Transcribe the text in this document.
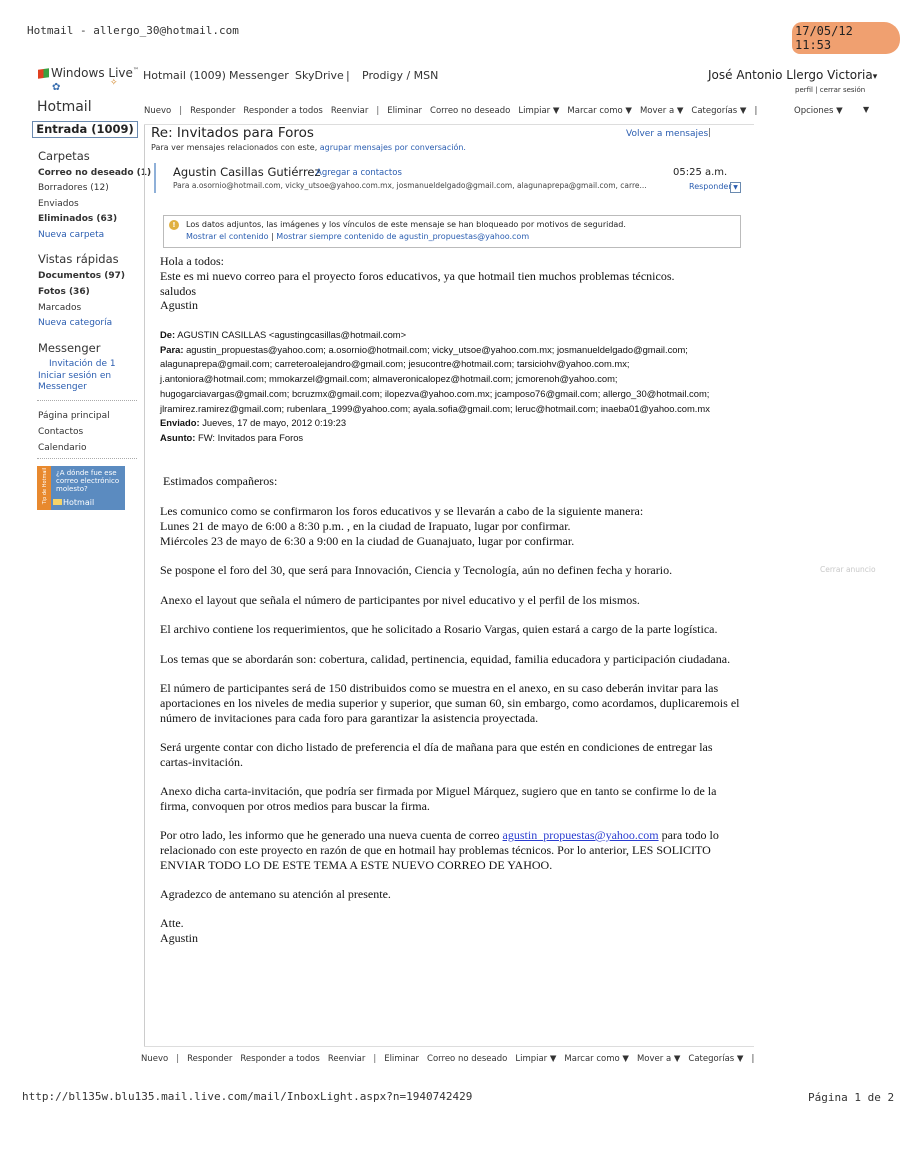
Hotmail - allergo_30@hotmail.com	17/05/12 11:53
Windows Live™
✿	✧
Hotmail (1009) Messenger SkyDrive | Prodigy / MSN	José Antonio Llergo Victoria▾
perfil | cerrar sesión
Hotmail
Entrada (1009)
Carpetas
Correo no deseado (1)
Borradores (12)
Enviados
Eliminados (63)
Nueva carpeta
Vistas rápidas
Documentos (97)
Fotos (36)
Marcados
Nueva categoría
Messenger
Invitación de 1
Iniciar sesión en Messenger
Página principal
Contactos
Calendario
Tip de Hotmail ¿A dónde fue ese correo electrónico molesto?
Hotmail
Nuevo | Responder Responder a todos Reenviar | Eliminar Correo no deseado Limpiar ▼ Marcar como ▼ Mover a ▼ Categorías ▼ |	Opciones ▼	▼
Re: Invitados para Foros	Volver a mensajes |
Para ver mensajes relacionados con este, agrupar mensajes por conversación.
Agustin Casillas Gutiérrez
Agregar a contactos	05:25 a.m.
Para a.osornio@hotmail.com, vicky_utsoe@yahoo.com.mx, josmanueldelgado@gmail.com, alagunaprepa@gmail.com, carre...	Responder ▼
!	Los datos adjuntos, las imágenes y los vínculos de este mensaje se han bloqueado por motivos de seguridad.
Mostrar el contenido | Mostrar siempre contenido de agustin_propuestas@yahoo.com
Cerrar anuncio
Hola a todos:
Este es mi nuevo correo para el proyecto foros educativos, ya que hotmail tien muchos problemas técnicos.
saludos
Agustin
De: AGUSTIN CASILLAS <agustingcasillas@hotmail.com>
Para: agustin_propuestas@yahoo.com; a.osornio@hotmail.com; vicky_utsoe@yahoo.com.mx; josmanueldelgado@gmail.com;
alagunaprepa@gmail.com; carreteroalejandro@gmail.com; jesucontre@hotmail.com; tarsiciohv@yahoo.com.mx;
j.antoniora@hotmail.com; mmokarzel@gmail.com; almaveronicalopez@hotmail.com; jcmorenoh@yahoo.com;
hugogarciavargas@gmail.com; bcruzmx@gmail.com; ilopezva@yahoo.com.mx; jcamposo76@gmail.com; allergo_30@hotmail.com;
jlramirez.ramirez@gmail.com; rubenlara_1999@yahoo.com; ayala.sofia@gmail.com; leruc@hotmail.com; inaeba01@yahoo.com.mx
Enviado: Jueves, 17 de mayo, 2012 0:19:23
Asunto: FW: Invitados para Foros
Estimados compañeros:
Les comunico como se confirmaron los foros educativos y se llevarán a cabo de la siguiente manera:
Lunes 21 de mayo de 6:00 a 8:30 p.m. , en la ciudad de Irapuato, lugar por confirmar.
Miércoles 23 de mayo de 6:30 a 9:00 en la ciudad de Guanajuato, lugar por confirmar.
Se pospone el foro del 30, que será para Innovación, Ciencia y Tecnología, aún no definen fecha y horario.
Anexo el layout que señala el número de participantes por nivel educativo y el perfil de los mismos.
El archivo contiene los requerimientos, que he solicitado a Rosario Vargas, quien estará a cargo de la parte logística.
Los temas que se abordarán son: cobertura, calidad, pertinencia, equidad, familia educadora y participación ciudadana.
El número de participantes será de 150 distribuidos como se muestra en el anexo, en su caso deberán invitar para las
aportaciones en los niveles de media superior y superior, que suman 60, sin embargo, como acordamos, duplicaremois el
número de invitaciones para cada foro para garantizar la asistencia proyectada.
Será urgente contar con dicho listado de preferencia el día de mañana para que estén en condiciones de entregar las
cartas-invitación.
Anexo dicha carta-invitación, que podría ser firmada por Miguel Márquez, sugiero que en tanto se confirme lo de la
firma, convoquen por otros medios para buscar la firma.
Por otro lado, les informo que he generado una nueva cuenta de correo agustin_propuestas@yahoo.com para todo lo
relacionado con este proyecto en razón de que en hotmail hay problemas técnicos. Por lo anterior, LES SOLICITO
ENVIAR TODO LO DE ESTE TEMA A ESTE NUEVO CORREO DE YAHOO.
Agradezco de antemano su atención al presente.
Atte.
Agustin
Nuevo | Responder Responder a todos Reenviar | Eliminar Correo no deseado Limpiar ▼ Marcar como ▼ Mover a ▼ Categorías ▼ |
http://bl135w.blu135.mail.live.com/mail/InboxLight.aspx?n=1940742429	Página 1 de 2
